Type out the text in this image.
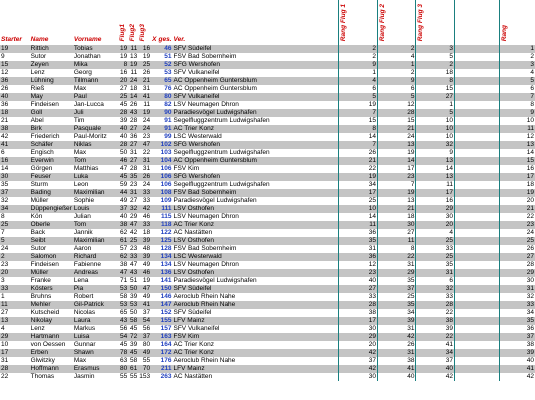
Starter	Name	Vorname	Flug1	Flug2	Flug3	X	ges.	Ver.	Rang Flug 1	Rang Flug 2	Rang Flug 3		Rang
19	Rittich	Tobias	19	11	16		46	SFV Südeifel	2	2	3		1
9	Sutor	Jonathan	19	13	19		51	FSV Bad Sobernheim	2	4	5		2
15	Zeyen	Mika	8	19	25		52	SFG Wershofen	9	1	2		3
12	Lenz	Georg	16	11	26		53	SFV Vulkaneifel	1	2	18		4
36	Lühning	Tillmann	20	24	21		65	AC Oppenheim Guntersblum	4	9	8		5
26	Rieß	Max	27	18	31		76	AC Oppenheim Guntersblum	6	6	15		6
40	May	Paul	25	14	41		80	SFV Vulkaneifel	5	5	27		7
36	Findeisen	Jan-Lucca	45	26	11		82	LSV Neumagen Dhron	19	12	1		8
18	Goll	Juli	28	43	19		90	Paradiesvögel Ludwigshafen	7	28	5		9
21	Abel	Tim	39	28	24		91	Segelfluggzentrum Ludwigshafen	15	15	10		10
38	Birk	Pasquale	40	27	24		91	AC Trier Konz	8	21	10		11
42	Friederich	Paul-Moritz	40	36	23		99	LSC Westerwald	14	24	10		12
41	Schäfer	Niklas	28	27	47		102	SFG Wershofen	7	13	32		13
6	Engisch	Max	50	31	22		103	Segelfluggzentrum Ludwigshafen	26	19	9		14
16	Everwin	Tom	46	27	31		104	AC Oppenheim Guntersblum	21	14	13		15
14	Görgen	Matthias	47	28	31		106	FSV Kim	22	17	14		16
30	Feuser	Luka	45	35	26		106	SFG Wershofen	19	23	13		17
35	Sturm	Leon	59	23	24		106	Segelfluggzentrum Ludwigshafen	34	7	11		18
37	Bading	Maximilian	44	31	33		108	FSV Bad Sobernheim	17	19	17		19
32	Müller	Sophie	49	27	33		109	Paradiesvögel Ludwigshafen	25	13	16		20
34	Düppengießer	Louis	37	32	42		111	LSV Osthofen	10	21	29		21
8	Kön	Julian	40	29	46		115	LSV Neumagen Dhron	14	18	30		22
25	Oberle	Tom	38	47	33		118	AC Trier Konz	11	30	20		23
7	Back	Jannik	62	42	18		122	AC Nastätten	36	27	4		24
5	Seibt	Maximilian	61	25	39		125	LSV Osthofen	35	11	25		25
24	Sutor	Aaron	57	23	48		128	FSV Bad Sobernheim	31	8	33		26
2	Salomon	Richard	62	33	39		134	LSC Westerwald	36	22	25		27
23	Findeisen	Fabienne	38	47	49		134	LSV Neumagen Dhron	12	31	35		28
20	Müller	Andreas	47	43	46		136	LSV Osthofen	23	29	31		29
3	Franke	Lena	71	51	19		141	Paradiesvögel Ludwigshafen	40	35	6		30
33	Kösters	Pia	53	50	47		150	SFV Südeifel	27	37	32		31
1	Bruhns	Robert	58	39	49		146	Aeroclub Rhein Nahe	33	25	33		32
11	Mehler	Gil-Patrick	53	53	41		147	Aeroclub Rhein Nahe	28	35	28		33
27	Kutscheid	Nicolas	65	50	37		152	SFV Südeifel	38	34	22		34
13	Nikolay	Laura	43	58	54		155	LFV Mainz	17	39	38		35
4	Lenz	Markus	56	45	56		157	SFV Vulkaneifel	30	31	39		36
29	Hartmann	Luisa	54	72	37		163	FSV Kim	29	42	22		37
10	von Oessen	Gunnar	45	39	80		164	AC Trier Konz	20	26	41		38
17	Erben	Shawn	78	45	49		172	AC Trier Konz	42	31	34		39
31	Glwitzky	Max	63	58	55		176	Aeroclub Rhein Nahe	37	38	37		40
28	Hoffmann	Erasmus	80	61	70		211	LFV Mainz	42	41	40		41
22	Thomas	Jasmin	55	55	153		263	AC Nastätten	30	40	42		42
